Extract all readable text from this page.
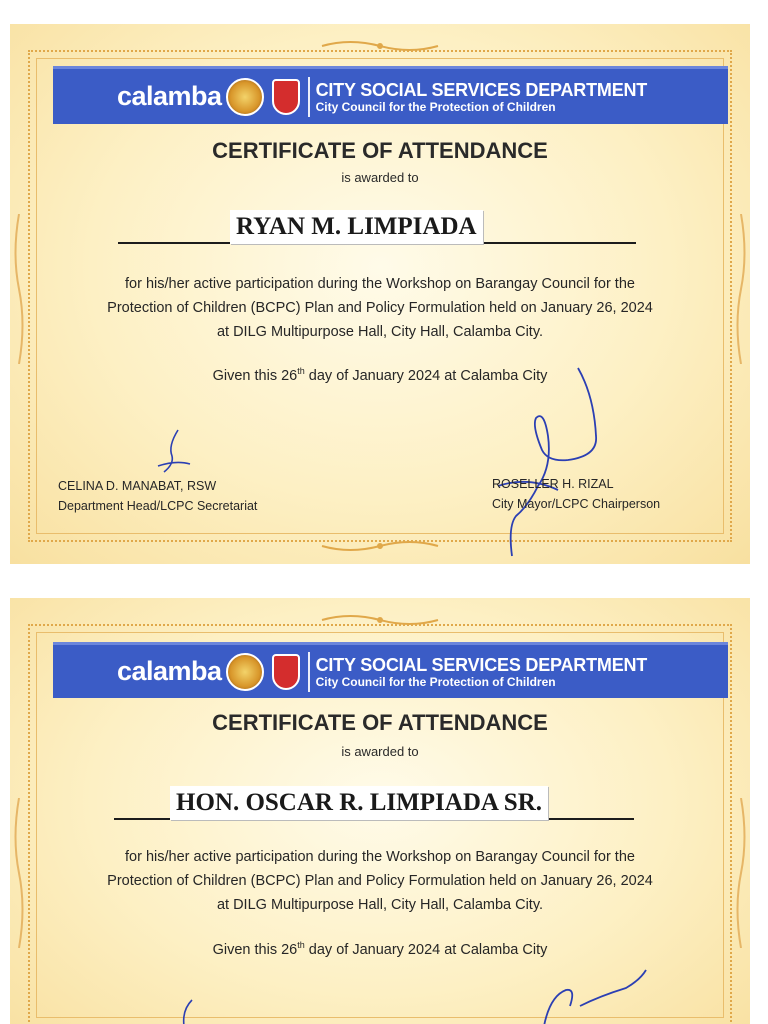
calamba	CITY SOCIAL SERVICES DEPARTMENT
City Council for the Protection of Children
CERTIFICATE OF ATTENDANCE
is awarded to
RYAN M. LIMPIADA
for his/her active participation during the Workshop on Barangay Council for the
Protection of Children (BCPC) Plan and Policy Formulation held on January 26, 2024
at DILG Multipurpose Hall, City Hall, Calamba City.
Given this 26th day of January 2024 at Calamba City
CELINA D. MANABAT, RSW
Department Head/LCPC Secretariat
ROSELLER H. RIZAL
City Mayor/LCPC Chairperson
calamba	CITY SOCIAL SERVICES DEPARTMENT
City Council for the Protection of Children
CERTIFICATE OF ATTENDANCE
is awarded to
HON. OSCAR R. LIMPIADA SR.
for his/her active participation during the Workshop on Barangay Council for the
Protection of Children (BCPC) Plan and Policy Formulation held on January 26, 2024
at DILG Multipurpose Hall, City Hall, Calamba City.
Given this 26th day of January 2024 at Calamba City
